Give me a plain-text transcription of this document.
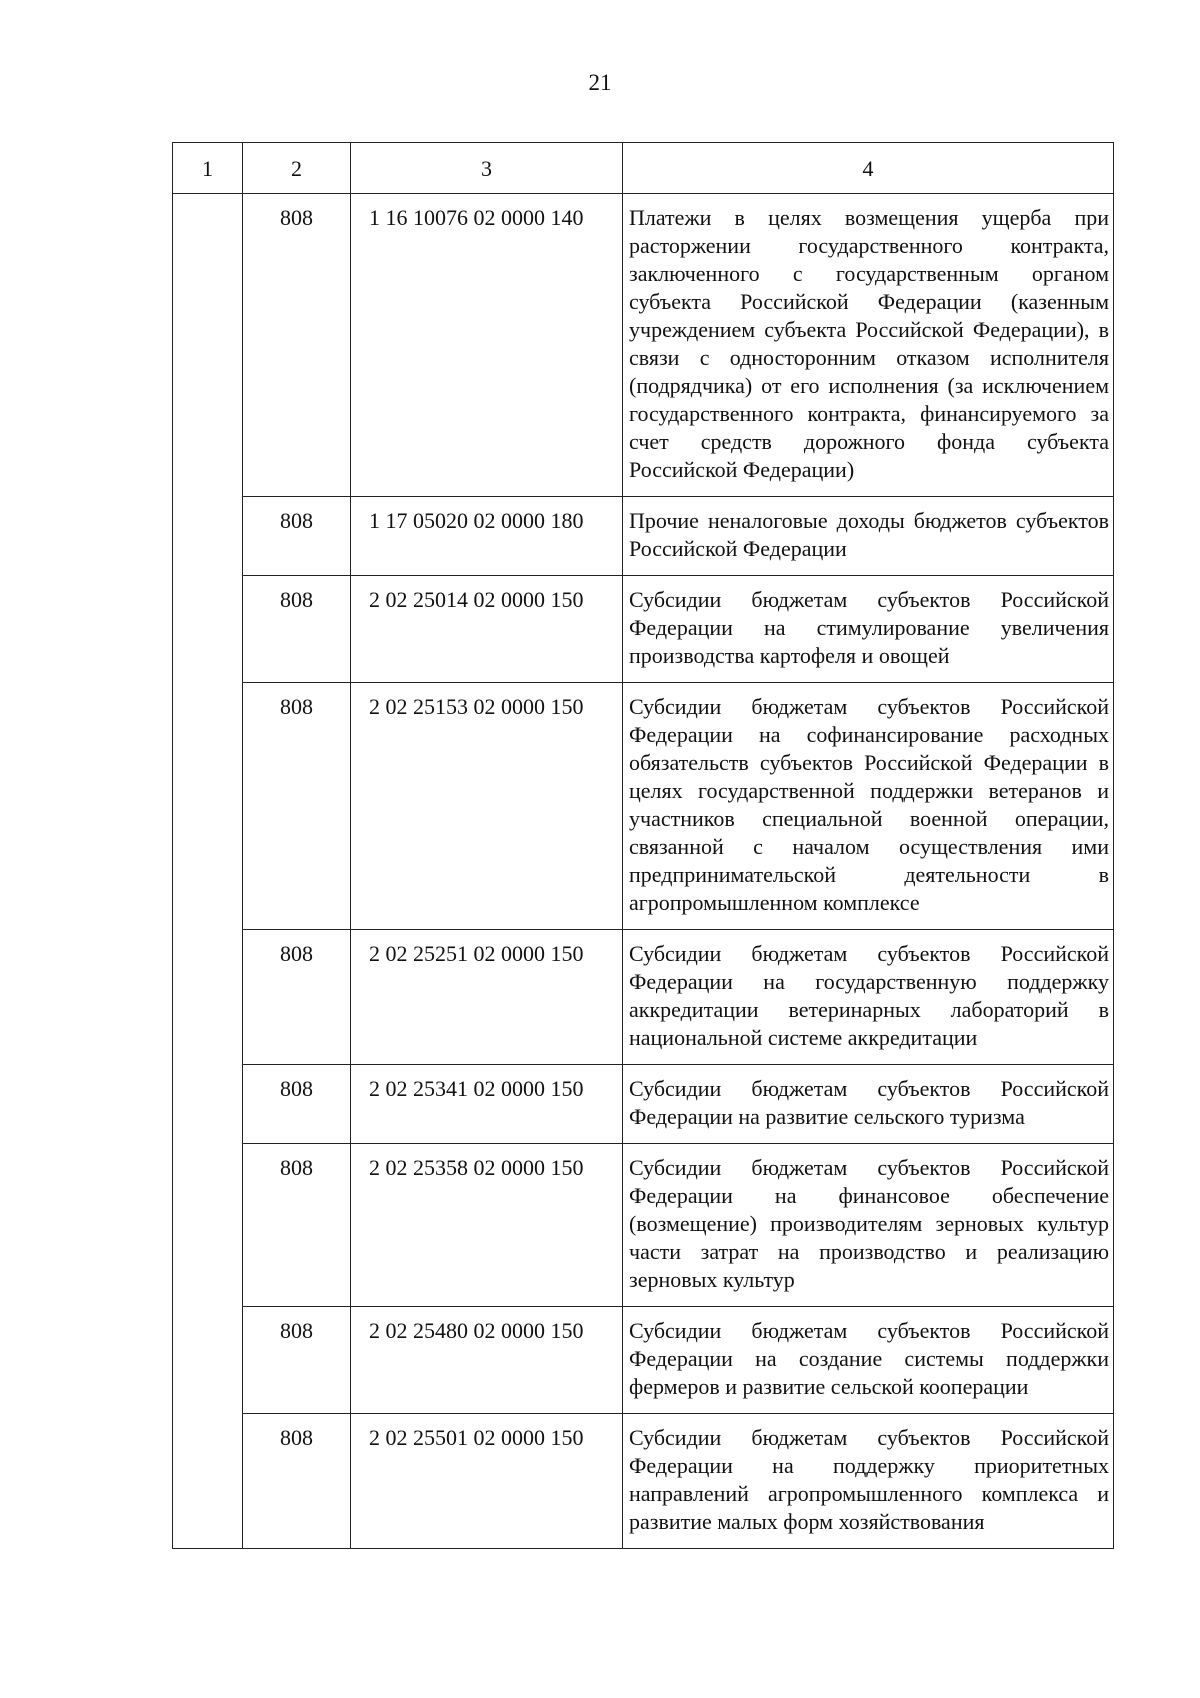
21
1	2	3	4
	808	1 16 10076 02 0000 140	Платежи в целях возмещения ущерба при расторжении государственного контракта, заключенного с государственным органом субъекта Российской Федерации (казенным учреждением субъекта Российской Федерации), в связи с односторонним отказом исполнителя (подрядчика) от его исполнения (за исключением государственного контракта, финансируемого за счет средств дорожного фонда субъекта Российской Федерации)
	808	1 17 05020 02 0000 180	Прочие неналоговые доходы бюджетов субъектов Российской Федерации
	808	2 02 25014 02 0000 150	Субсидии бюджетам субъектов Российской Федерации на стимулирование увеличения производства картофеля и овощей
	808	2 02 25153 02 0000 150	Субсидии бюджетам субъектов Российской Федерации на софинансирование расходных обязательств субъектов Российской Федерации в целях государственной поддержки ветеранов и участников специальной военной операции, связанной с началом осуществления ими предпринимательской деятельности в агропромышленном комплексе
	808	2 02 25251 02 0000 150	Субсидии бюджетам субъектов Российской Федерации на государственную поддержку аккредитации ветеринарных лабораторий в национальной системе аккредитации
	808	2 02 25341 02 0000 150	Субсидии бюджетам субъектов Российской Федерации на развитие сельского туризма
	808	2 02 25358 02 0000 150	Субсидии бюджетам субъектов Российской Федерации на финансовое обеспечение (возмещение) производителям зерновых культур части затрат на производство и реализацию зерновых культур
	808	2 02 25480 02 0000 150	Субсидии бюджетам субъектов Российской Федерации на создание системы поддержки фермеров и развитие сельской кооперации
	808	2 02 25501 02 0000 150	Субсидии бюджетам субъектов Российской Федерации на поддержку приоритетных направлений агропромышленного комплекса и развитие малых форм хозяйствования
